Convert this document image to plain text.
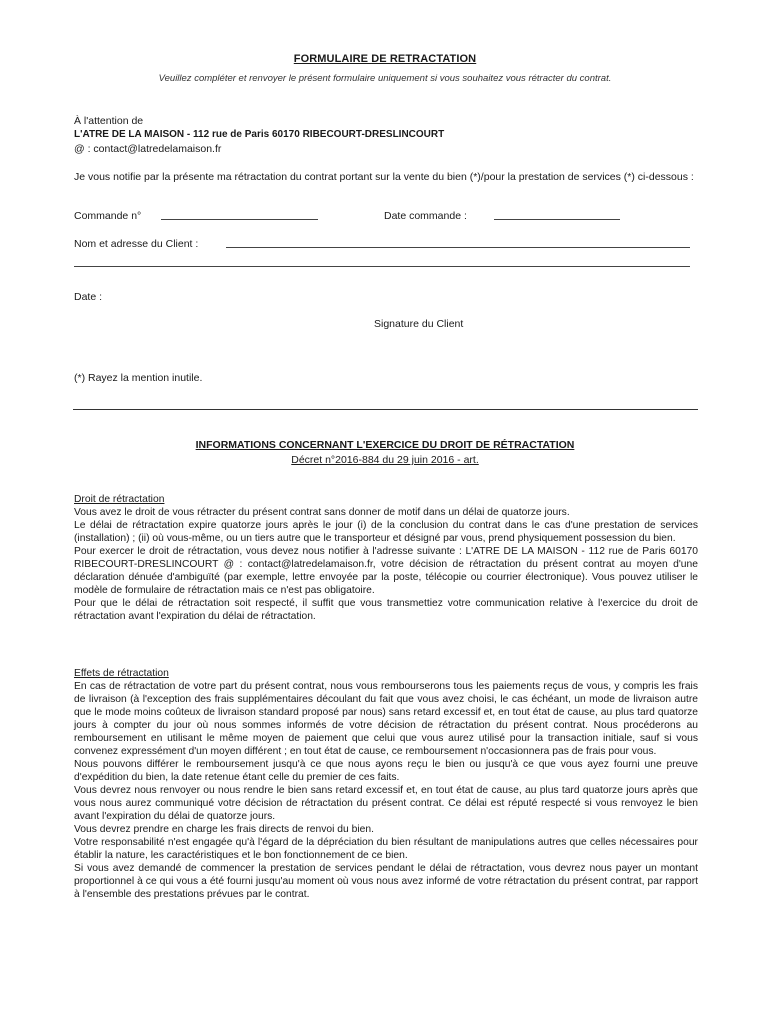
FORMULAIRE DE RETRACTATION
Veuillez compléter et renvoyer le présent formulaire uniquement si vous souhaitez vous rétracter du contrat.
À l'attention de
L'ATRE DE LA MAISON - 112 rue de Paris 60170 RIBECOURT-DRESLINCOURT
@ : contact@latredelamaison.fr
Je vous notifie par la présente ma rétractation du contrat portant sur la vente du bien (*)/pour la prestation de services (*) ci-dessous :
Commande n°	Date commande :
Nom et adresse du Client :
Date :
Signature du Client
(*) Rayez la mention inutile.
INFORMATIONS CONCERNANT L'EXERCICE DU DROIT DE RÉTRACTATION
Décret n°2016-884 du 29 juin 2016 - art.

Droit de rétractation

Vous avez le droit de vous rétracter du présent contrat sans donner de motif dans un délai de quatorze jours.

Le délai de rétractation expire quatorze jours après le jour (i) de la conclusion du contrat dans le cas d'une prestation de services (installation) ; (ii) où vous-même, ou un tiers autre que le transporteur et désigné par vous, prend physiquement possession du bien.

Pour exercer le droit de rétractation, vous devez nous notifier à l'adresse suivante : L'ATRE DE LA MAISON - 112 rue de Paris 60170 RIBECOURT-DRESLINCOURT @ : contact@latredelamaison.fr, votre décision de rétractation du présent contrat au moyen d'une déclaration dénuée d'ambiguïté (par exemple, lettre envoyée par la poste, télécopie ou courrier électronique). Vous pouvez utiliser le modèle de formulaire de rétractation mais ce n'est pas obligatoire.

Pour que le délai de rétractation soit respecté, il suffit que vous transmettiez votre communication relative à l'exercice du droit de rétractation avant l'expiration du délai de rétractation.

Effets de rétractation

En cas de rétractation de votre part du présent contrat, nous vous rembourserons tous les paiements reçus de vous, y compris les frais de livraison (à l'exception des frais supplémentaires découlant du fait que vous avez choisi, le cas échéant, un mode de livraison autre que le mode moins coûteux de livraison standard proposé par nous) sans retard excessif et, en tout état de cause, au plus tard quatorze jours à compter du jour où nous sommes informés de votre décision de rétractation du présent contrat. Nous procéderons au remboursement en utilisant le même moyen de paiement que celui que vous aurez utilisé pour la transaction initiale, sauf si vous convenez expressément d'un moyen différent ; en tout état de cause, ce remboursement n'occasionnera pas de frais pour vous.

Nous pouvons différer le remboursement jusqu'à ce que nous ayons reçu le bien ou jusqu'à ce que vous ayez fourni une preuve d'expédition du bien, la date retenue étant celle du premier de ces faits.

Vous devrez nous renvoyer ou nous rendre le bien sans retard excessif et, en tout état de cause, au plus tard quatorze jours après que vous nous aurez communiqué votre décision de rétractation du présent contrat. Ce délai est réputé respecté si vous renvoyez le bien avant l'expiration du délai de quatorze jours.

Vous devrez prendre en charge les frais directs de renvoi du bien.

Votre responsabilité n'est engagée qu'à l'égard de la dépréciation du bien résultant de manipulations autres que celles nécessaires pour établir la nature, les caractéristiques et le bon fonctionnement de ce bien.

Si vous avez demandé de commencer la prestation de services pendant le délai de rétractation, vous devrez nous payer un montant proportionnel à ce qui vous a été fourni jusqu'au moment où vous nous avez informé de votre rétractation du présent contrat, par rapport à l'ensemble des prestations prévues par le contrat.
